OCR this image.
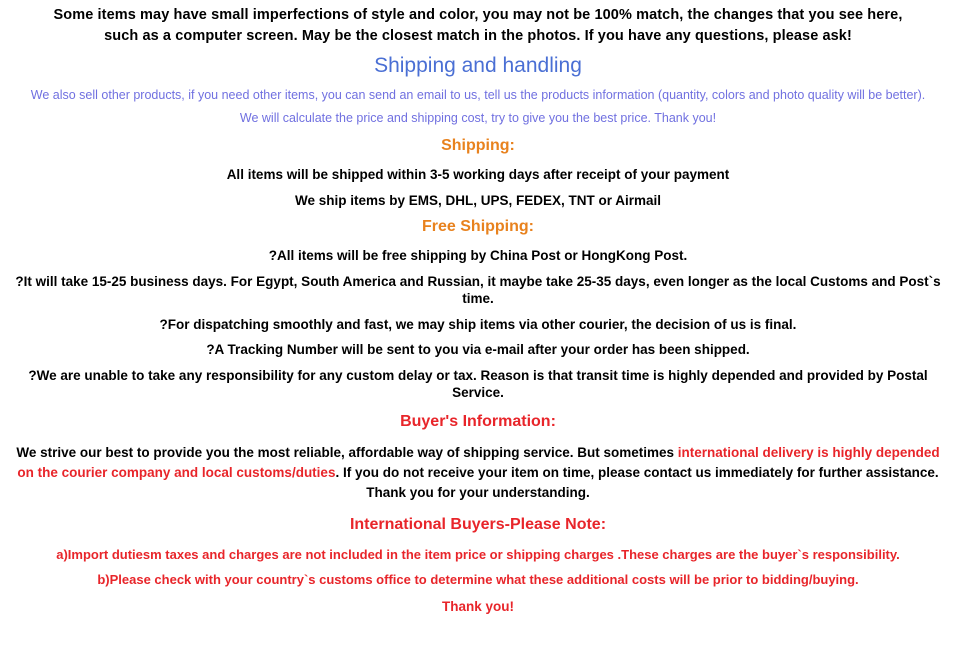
Some items may have small imperfections of style and color, you may not be 100% match, the changes that you see here,
such as a computer screen. May be the closest match in the photos. If you have any questions, please ask!
Shipping and handling
We also sell other products, if you need other items, you can send an email to us, tell us the products information (quantity, colors and photo quality will be better).
We will calculate the price and shipping cost, try to give you the best price. Thank you!
Shipping:
All items will be shipped within 3-5 working days after receipt of your payment
We ship items by EMS, DHL, UPS, FEDEX, TNT or Airmail
Free Shipping:
?All items will be free shipping by China Post or HongKong Post.
?It will take 15-25 business days. For Egypt, South America and Russian, it maybe take 25-35 days, even longer as the local Customs and Post`s time.
?For dispatching smoothly and fast, we may ship items via other courier, the decision of us is final.
?A Tracking Number will be sent to you via e-mail after your order has been shipped.
?We are unable to take any responsibility for any custom delay or tax. Reason is that transit time is highly depended and provided by Postal Service.
Buyer's Information:
We strive our best to provide you the most reliable, affordable way of shipping service. But sometimes international delivery is highly depended on the courier company and local customs/duties. If you do not receive your item on time, please contact us immediately for further assistance. Thank you for your understanding.
International Buyers-Please Note:
a)Import dutiesm taxes and charges are not included in the item price or shipping charges .These charges are the buyer`s responsibility.
b)Please check with your country`s customs office to determine what these additional costs will be prior to bidding/buying.
Thank you!
